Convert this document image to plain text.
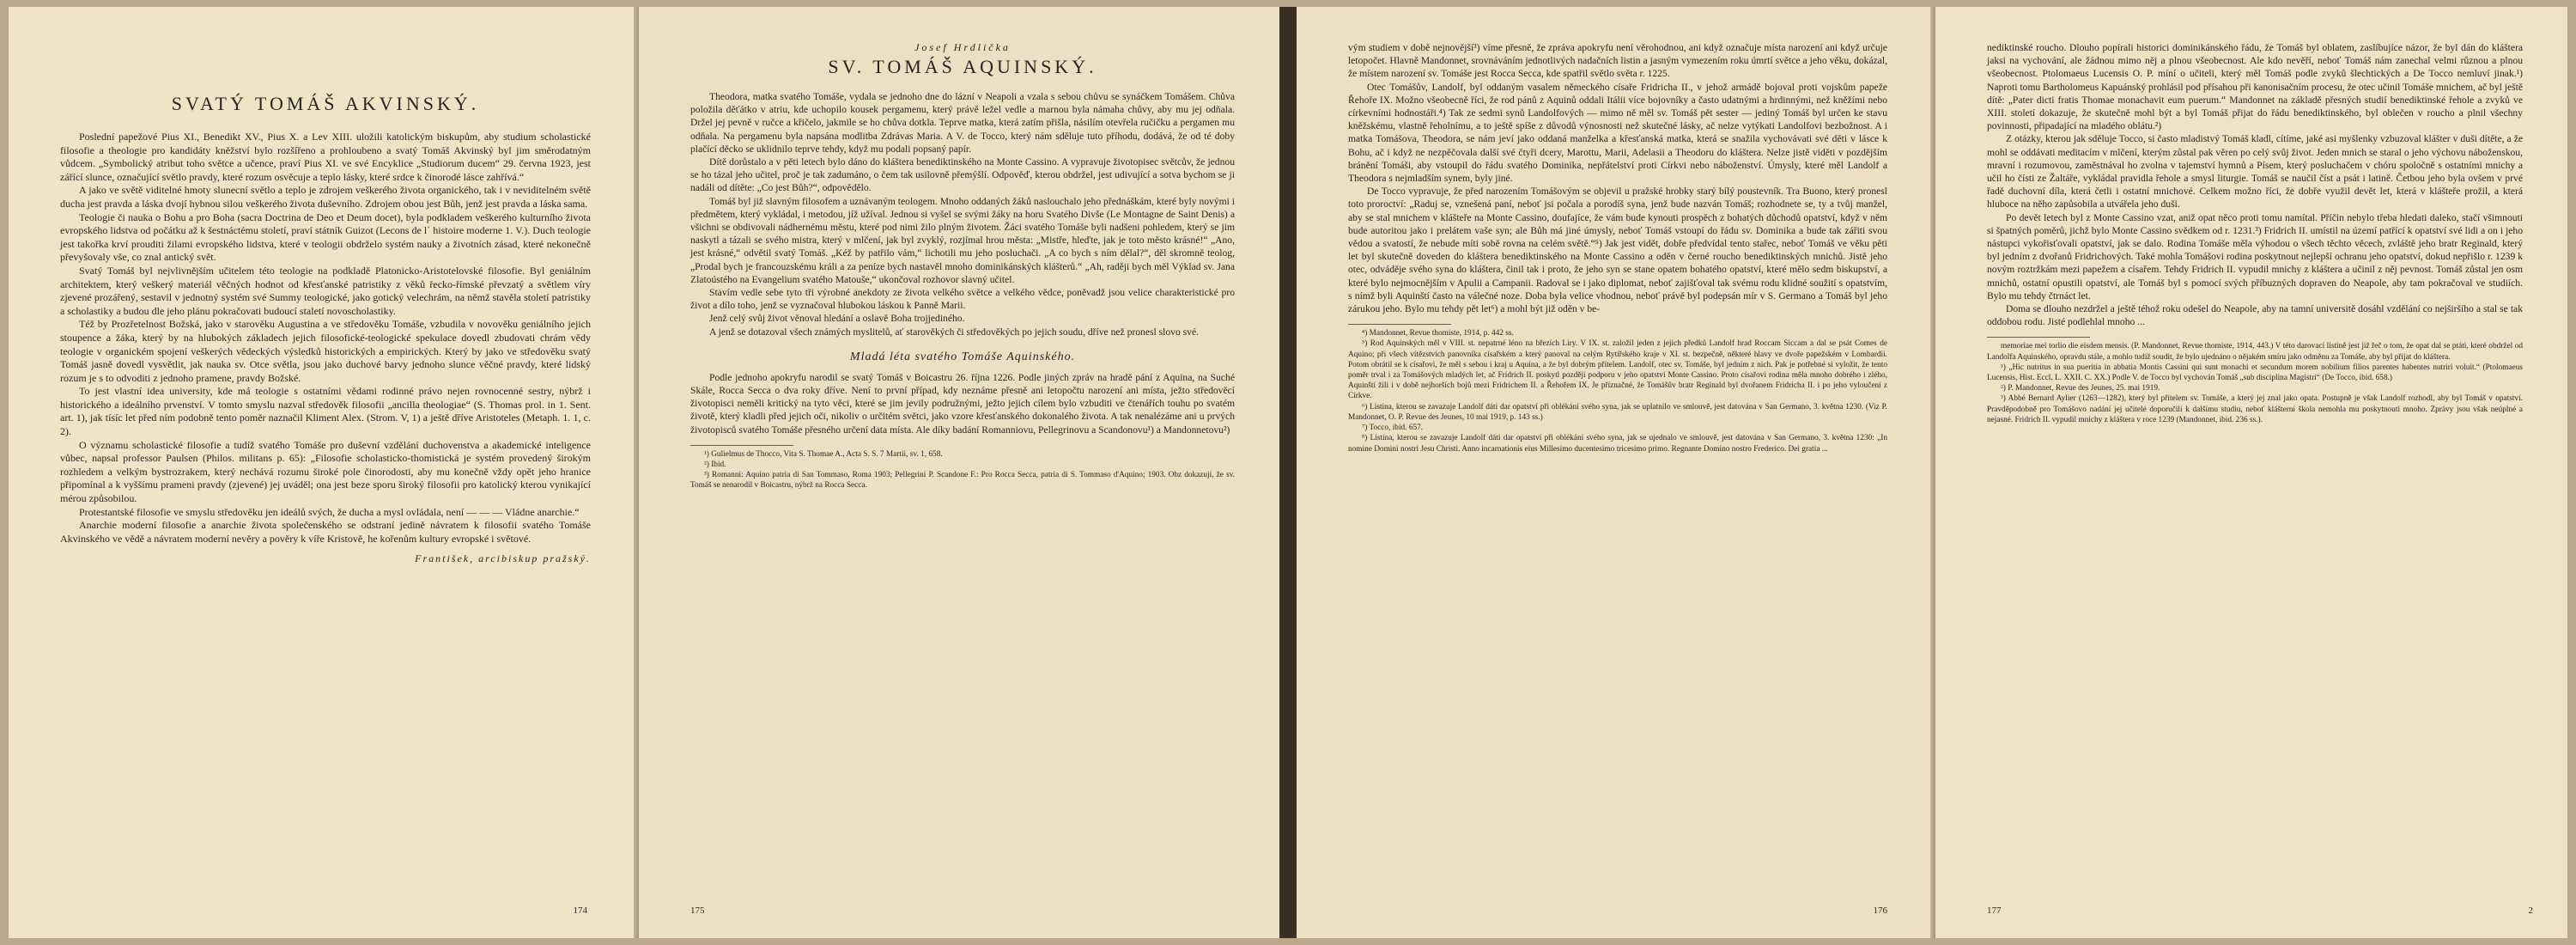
SVATÝ TOMÁŠ AKVINSKÝ.

Poslední papežové Pius XI., Benedikt XV., Pius X. a Lev XIII. uložili katolickým biskupům, aby studium scholastické filosofie a theologie pro kandidáty kněžství bylo rozšířeno a prohloubeno a svatý Tomáš Akvinský byl jim směrodatným vůdcem. „Symbolický atribut toho světce a učence, praví Pius XI. ve své Encyklice „Studiorum ducem“ 29. června 1923, jest zářící slunce, označující světlo pravdy, které rozum osvěcuje a teplo lásky, které srdce k činorodé lásce zahřívá.“

A jako ve světě viditelné hmoty slunecní světlo a teplo je zdrojem veškerého života organického, tak i v neviditelném světě ducha jest pravda a láska dvojí hybnou silou veškerého života duševního. Zdrojem obou jest Bůh, jenž jest pravda a láska sama.

Teologie či nauka o Bohu a pro Boha (sacra Doctrina de Deo et Deum docet), byla podkladem veškerého kulturního života evropského lidstva od počátku až k šestnáctému století, praví státník Guizot (Lecons de l´ histoire moderne 1. V.). Duch teologie jest takořka krví prouditi žilami evropského lidstva, které v teologii obdrželo systém nauky a životních zásad, které nekonečně převyšovaly vše, co znal antický svět.

Svatý Tomáš byl nejvlivnějším učitelem této teologie na podkladě Platonicko-Aristotelovské filosofie. Byl geniálním architektem, který veškerý materiál věčných hodnot od křesťanské patristiky z věků řecko-římské převzatý a světlem víry zjevené prozářený, sestavil v jednotný systém své Summy teologické, jako gotický velechrám, na němž stavěla století patristiky a scholastiky a budou dle jeho plánu pokračovati budoucí staletí novoscholastiky.

Též by Prozřetelnost Božská, jako v starověku Augustina a ve středověku Tomáše, vzbudila v novověku geniálního jejich stoupence a žáka, který by na hlubokých základech jejich filosofické-teologické spekulace dovedl zbudovati chrám vědy teologie v organickém spojení veškerých vědeckých výsledků historických a empirických. Který by jako ve středověku svatý Tomáš jasně dovedl vysvětlit, jak nauka sv. Otce světla, jsou jako duchové barvy jednoho slunce věčné pravdy, které lidský rozum je s to odvoditi z jednoho pramene, pravdy Božské.

To jest vlastní idea university, kde má teologie s ostatními vědami rodinné právo nejen rovnocenné sestry, nýbrž i historického a ideálního prvenství. V tomto smyslu nazval středověk filosofii „ancilla theologiae“ (S. Thomas prol. in 1. Sent. art. 1), jak tísíc let před ním podobně tento poměr naznačil Kliment Alex. (Strom. V, 1) a ještě dříve Aristoteles (Metaph. 1. 1, c. 2).

O významu scholastické filosofie a tudíž svatého Tomáše pro duševní vzdělání duchovenstva a akademické inteligence vůbec, napsal professor Paulsen (Philos. militans p. 65): „Filosofie scholasticko-thomistická je systém provedený širokým rozhledem a velkým bystrozrakem, který nechává rozumu široké pole činorodosti, aby mu konečně vždy opět jeho hranice připomínal a k vyššímu prameni pravdy (zjevené) jej uváděl; ona jest beze sporu široký filosofii pro katolický kterou vynikající mérou způsobilou.

Protestantské filosofie ve smyslu středověku jen ideálů svých, že ducha a mysl ovládala, není — — — Vládne anarchie.“

Anarchie moderní filosofie a anarchie života společenského se odstraní jedině návratem k filosofii svatého Tomáše Akvinského ve vědě a návratem moderní nevěry a pověry k víře Kristově, he kořenům kultury evropské i světové.

František, arcibiskup pražský.
174
Josef Hrdlička
SV. TOMÁŠ AQUINSKÝ.

Theodora, matka svatého Tomáše, vydala se jednoho dne do lázní v Neapoli a vzala s sebou chůvu se synáčkem Tomášem. Chůva položila děťátko v atriu, kde uchopilo kousek pergamenu, který právě ležel vedle a marnou byla námaha chůvy, aby mu jej odňala. Držel jej pevně v ručce a křičelo, jakmile se ho chůva dotkla. Teprve matka, která zatím přišla, násilím otevřela ručičku a pergamen mu odňala. Na pergamenu byla napsána modlitba Zdrávas Maria. A V. de Tocco, který nám sděluje tuto příhodu, dodává, že od té doby plačící děcko se uklidnilo teprve tehdy, když mu podali popsaný papír.

Dítě dorůstalo a v pěti letech bylo dáno do kláštera benediktinského na Monte Cassino. A vypravuje životopisec světcův, že jednou se ho tázal jeho učitel, proč je tak zadumáno, o čem tak usilovně přemýšlí. Odpověď, kterou obdržel, jest udivující a sotva bychom se ji nadáli od dítěte: „Co jest Bůh?“, odpovědělo.

Tomáš byl již slavným filosofem a uznávaným teologem. Mnoho oddaných žáků naslouchalo jeho přednáškám, které byly novými i předmětem, který vykládal, i metodou, jíž užíval. Jednou si vyšel se svými žáky na horu Svatého Divše (Le Montagne de Saint Denis) a všichni se obdivovali nádhernému městu, které pod nimi žilo plným životem. Žáci svatého Tomáše byli nadšeni pohledem, který se jim naskytl a tázali se svého mistra, který v mlčení, jak byl zvyklý, rozjímal hrou města: „Mistře, hleďte, jak je toto město krásné!“ „Ano, jest krásné,“ odvětil svatý Tomáš. „Kéž by patřilo vám,“ lichotili mu jeho posluchači. „A co bych s ním dělal?“, děl skromně teolog, „Prodal bych je francouzskému králi a za peníze bych nastavěl mnoho dominikánských klášterů.“ „Ah, raději bych měl Výklad sv. Jana Zlatoústého na Evangelium svatého Matouše,“ ukončoval rozhovor slavný učitel.

Stavím vedle sebe tyto tři výrobné anekdoty ze života velkého světce a velkého vědce, poněvadž jsou velice charakteristické pro život a dílo toho, jenž se vyznačoval hlubokou láskou k Panně Marii.

Jenž celý svůj život věnoval hledání a oslavě Boha trojjediného.

A jenž se dotazoval všech známých myslitelů, ať starověkých či středověkých po jejich soudu, dříve než pronesl slovo své.

Mladá léta svatého Tomáše Aquinského.

Podle jednoho apokryfu narodil se svatý Tomáš v Boicastru 26. října 1226. Podle jiných zpráv na hradě pání z Aquina, na Suché Skále, Rocca Secca o dva roky dříve. Není to první případ, kdy neznáme přesně ani letopočtu narození ani místa, ježto středověcí životopisci neměli kritický na tyto věci, které se jim jevily podružnými, ježto jejich cílem bylo vzbuditi ve čtenářích touhu po svatém životě, který kladli před jejich oči, nikoliv o určitém světci, jako vzore křesťanského dokonalého života. A tak nenalézáme ani u prvých životopisců svatého Tomáše přesného určení data místa. Ale díky badání Romanniovu, Pellegrinovu a Scandonovu¹) a Mandonnetovu²)

¹) Gulielmus de Thocco, Vita S. Thomae A., Acta S. S. 7 Martii, sv. 1, 658.

²) Ibid.

³) Romanni: Aquino patria di San Tommaso, Roma 1903; Pellegrini P. Scandone F.: Pro Rocca Secca, patria di S. Tommaso d'Aquino; 1903. Obz dokazují, že sv. Tomáš se nenarodil v Boicastru, nýbrž na Rocca Secca.

175

vým studiem v době nejnovější³) víme přesně, že zpráva apokryfu není věrohodnou, ani když označuje místa narození ani když určuje letopočet. Hlavně Mandonnet, srovnáváním jednotlivých nadačních listin a jasným vymezením roku úmrtí světce a jeho věku, dokázal, že místem narození sv. Tomáše jest Rocca Secca, kde spatřil světlo světa r. 1225.

Otec Tomášův, Landolf, byl oddaným vasalem německého císaře Fridricha II., v jehož armádě bojoval proti vojskům papeže Řehoře IX. Možno všeobecně říci, že rod pánů z Aquinů oddali Itálii více bojovníky a často udatnými a hrdinnými, než kněžími nebo církevními hodnostáři.⁴) Tak ze sedmi synů Landolfových — mimo ně měl sv. Tomáš pět sester — jediný Tomáš byl určen ke stavu kněžskému, vlastně řeholnímu, a to ještě spíše z důvodů výnosnosti než skutečné lásky, ač nelze vytýkati Landolfovi bezbožnost. A i matka Tomášova, Theodora, se nám jeví jako oddaná manželka a křesťanská matka, která se snažila vychovávati své děti v lásce k Bohu, ač i když ne nezpěčovala další své čtyři dcery, Marottu, Marii, Adelasii a Theodoru do kláštera. Nelze jistě viděti v pozdějším bránění Tomáši, aby vstoupil do řádu svatého Dominika, nepřátelství proti Církvi nebo náboženství. Úmysly, které měl Landolf a Theodora s nejmladším synem, byly jiné.

De Tocco vypravuje, že před narozením Tomášovým se objevil u pražské hrobky starý bílý poustevník. Tra Buono, který pronesl toto proroctví: „Raduj se, vznešená paní, neboť jsi počala a porodíš syna, jenž bude nazván Tomáš; rozhodnete se, ty a tvůj manžel, aby se stal mnichem v klášteře na Monte Cassino, doufajíce, že vám bude kynouti prospěch z bohatých důchodů opatství, když v něm bude autoritou jako i prelátem vaše syn; ale Bůh má jiné úmysly, neboť Tomáš vstoupí do řádu sv. Dominika a bude tak zářiti svou vědou a svatostí, že nebude míti sobě rovna na celém světě.“⁵) Jak jest vidět, dobře předvídal tento stařec, neboť Tomáš ve věku pěti let byl skutečně doveden do kláštera benediktinského na Monte Cassino a oděn v černé roucho benediktinských mnichů. Jistě jeho otec, odváděje svého syna do kláštera, činil tak i proto, že jeho syn se stane opatem bohatého opatství, které mělo sedm biskupství, a které bylo nejmocnějším v Apulii a Campanii. Radoval se i jako diplomat, neboť zajišťoval tak svému rodu klidné soužití s opatstvím, s nímž byli Aquinští často na válečné noze. Doba byla velice vhodnou, neboť právě byl podepsán mír v S. Germano a Tomáš byl jeho zárukou jeho. Bylo mu tehdy pět let⁶) a mohl být již oděn v be-

⁴) Mandonnet, Revue thomiste, 1914, p. 442 ss.

⁵) Rod Aquinských měl v VIII. st. nepatrné léno na březích Liry. V IX. st. založil jeden z jejich předků Landolf hrad Roccam Siccam a dal se psát Comes de Aquino; při všech vítězstvích panovníka císařském a který panoval na celým Rytířského kraje v XI. st. bezpečně, některé hlavy ve dvoře papežském v Lombardii. Potom obrátil se k císařovi, že měl s sebou i kraj u Aquina, a že byl dobrým přítelem. Landolf, otec sv. Tomáše, byl jedním z nich. Pak je potřebné si vyložit, že tento poměr trval i za Tomášových mladých let, ač Fridrich II. poskytl později podporu v jeho opatství Monte Cassino. Proto císařovi rodina měla mnoho dobrého i zlého, Aquinští žili i v době nejhorších bojů mezi Fridrichem II. a Řehořem IX. Je příznačné, že Tomášův bratr Reginald byl dvořanem Fridricha II. i po jeho vyloučení z Církve.

⁶) Listina, kterou se zavazuje Landolf dáti dar opatství při oblékání svého syna, jak se uplatnilo ve smlouvě, jest datována v San Germano, 3. května 1230. (Viz P. Mandonnet, O. P. Revue des Jeunes, 10 mai 1919, p. 143 ss.)

⁷) Tocco, ibid. 657.

⁸) Listina, kterou se zavazuje Landolf dáti dar opatství při oblékání svého syna, jak se ujednalo ve smlouvě, jest datována v San Germano, 3. května 1230: „In nomine Domini nostri Jesu Christi. Anno incarnationis eius Millesimo ducentesimo tricesimo primo. Regnante Domino nostro Frederico. Dei gratia ...

176

nediktinské roucho. Dlouho popírali historici dominikánského řádu, že Tomáš byl oblatem, zaslíbujíce názor, že byl dán do kláštera jaksi na vychování, ale žádnou mimo něj a plnou všeobecnost. Ale kdo nevěří, neboť Tomáš nám zanechal velmi různou a plnou všeobecnost. Ptolomaeus Lucensis O. P. míní o učiteli, který měl Tomáš podle zvyků šlechtických a De Tocco nemluví jinak.¹) Naproti tomu Bartholomeus Kapuánský prohlásil pod přísahou při kanonisačním procesu, že otec učinil Tomáše mnichem, ač byl ještě dítě: „Pater dicti fratis Thomae monachavit eum puerum.“ Mandonnet na základě přesných studií benediktinské řehole a zvyků ve XIII. století dokazuje, že skutečně mohl být a byl Tomáš přijat do řádu benediktinského, byl oblečen v roucho a plnil všechny povinnosti, připadající na mladého oblátu.²)

Z otázky, kterou jak sděluje Tocco, si často mladistvý Tomáš kladl, cítíme, jaké asi myšlenky vzbuzoval klášter v duši dítěte, a že mohl se oddávati meditacím v mlčení, kterým zůstal pak věren po celý svůj život. Jeden mnich se staral o jeho výchovu náboženskou, mravní i rozumovou, zaměstnával ho zvolna v tajemství hymnů a Písem, který posluchačem v chóru spoločně s ostatními mnichy a učil ho čísti ze Žaltáře, vykládal pravidla řehole a smysl liturgie. Tomáš se naučil číst a psát i latině. Četbou jeho byla ovšem v prvé řadě duchovní díla, která četli i ostatní mnichové. Celkem možno říci, že dobře využil devět let, která v klášteře prožil, a která hluboce na něho zapůsobila a utvářela jeho duši.

Po devět letech byl z Monte Cassino vzat, aniž opat něco proti tomu namítal. Příčin nebylo třeba hledati daleko, stačí všimnouti si špatných poměrů, jichž bylo Monte Cassino svědkem od r. 1231.³) Fridrich II. umístil na území patřící k opatství své lidi a on i jeho nástupci vykořisťovali opatství, jak se dalo. Rodina Tomáše měla výhodou o všech těchto věcech, zvláště jeho bratr Reginald, který byl jedním z dvořanů Fridrichových. Také mohla Tomášovi rodina poskytnout nejlepší ochranu jeho opatství, dokud nepřišlo r. 1239 k novým roztržkám mezi papežem a císařem. Tehdy Fridrich II. vypudil mnichy z kláštera a učinil z něj pevnost. Tomáš zůstal jen osm mnichů, ostatní opustili opatství, ale Tomáš byl s pomocí svých příbuzných dopraven do Neapole, aby tam pokračoval ve studiích. Bylo mu tehdy čtrnáct let.

Doma se dlouho nezdržel a ještě téhož roku odešel do Neapole, aby na tamní universitě dosáhl vzdělání co nejširšího a stal se tak oddobou rodu. Jisté podlehlal mnoho ...

memoriae mei torlio die eisdem mensis. (P. Mandonnet, Revue thomiste, 1914, 443.) V této darovací listině jest již řeč o tom, že opat dal se ptáti, které obdržel od Landolfa Aquinského, opravdu stále, a mohlo tudíž soudit, že bylo ujednáno o nějakém smíru jako odměnu za Tomáše, aby byl přijat do kláštera.

¹) „Hic nutritus in sua pueritia in abbatia Montis Cassini qui sunt monachi et secundum morem nobilium filios parentes habentes nutriri voluit.“ (Ptolomaeus Lucensis, Hist. Eccl. L. XXII. C. XX.) Podle V. de Tocco byl vychován Tomáš „sub disciplina Magistri“ (De Tocco, ibid. 658.)

²) P. Mandonnet, Revue des Jeunes, 25. mai 1919.

³) Abbé Bernard Aylier (1263—1282), který byl přítelem sv. Tomáše, a který jej znal jako opata. Postupně je však Landolf rozhodl, aby byl Tomáš v opatství. Pravděpodobně pro Tomášovo nadání jej učitelé doporučili k dalšímu studiu, neboť klášterní škola nemohla mu poskytnouti mnoho. Zprávy jsou však neúplné a nejasné. Fridrich II. vypudil mnichy z kláštera v roce 1239 (Mandonnet, ibid. 236 ss.).

177	2
